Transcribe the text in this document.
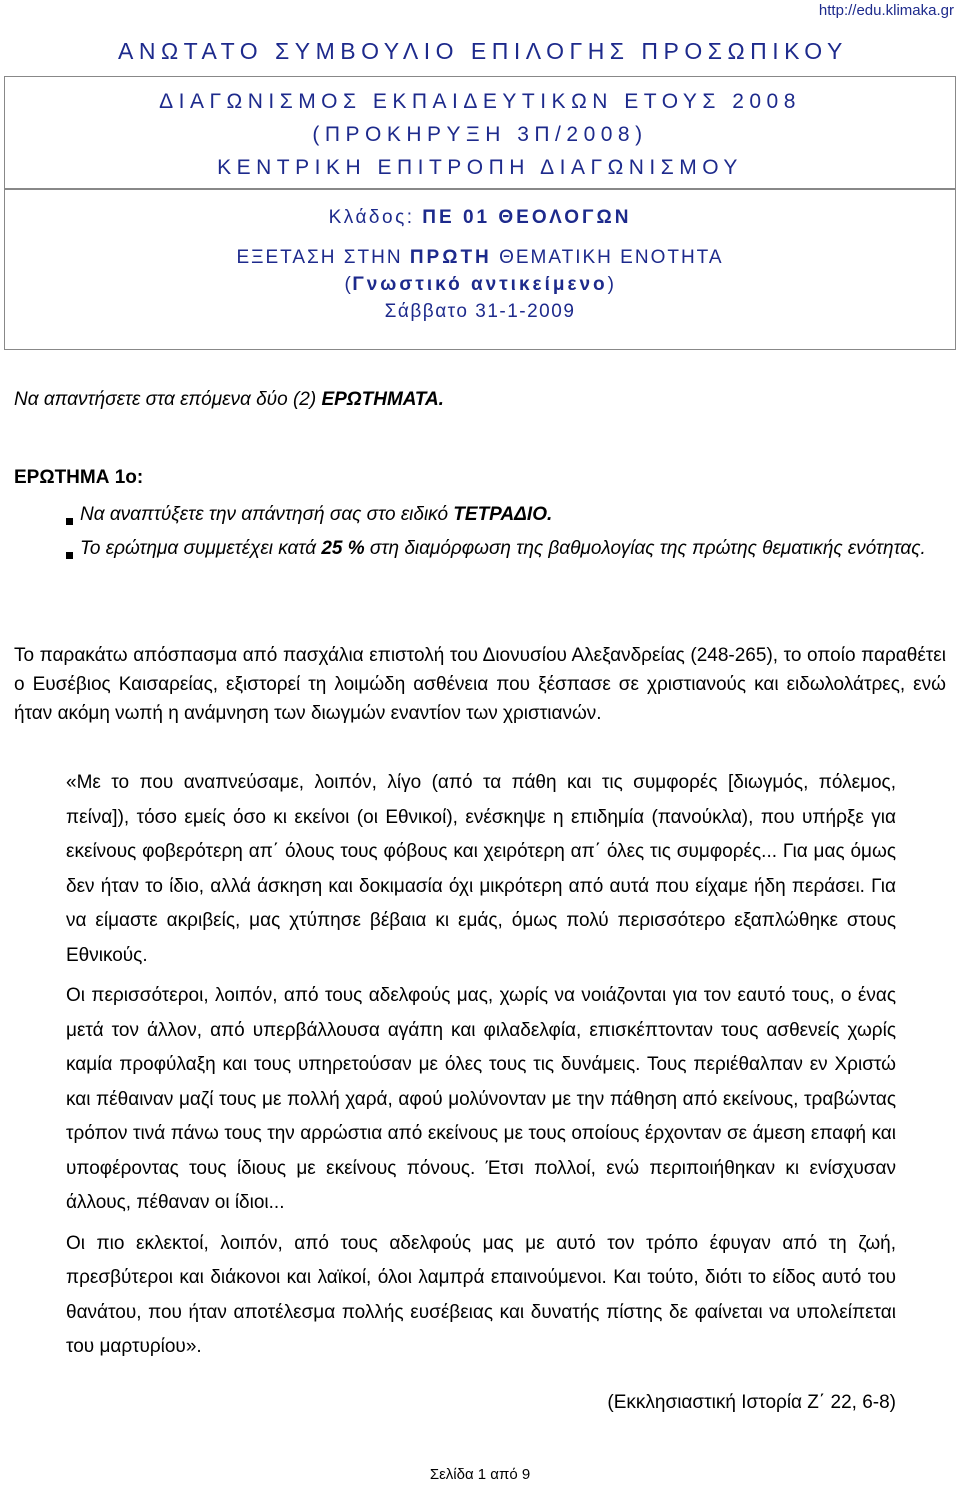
http://edu.klimaka.gr
ΑΝΩΤΑΤΟ ΣΥΜΒΟΥΛΙΟ ΕΠΙΛΟΓΗΣ ΠΡΟΣΩΠΙΚΟΥ
ΔΙΑΓΩΝΙΣΜΟΣ ΕΚΠΑΙΔΕΥΤΙΚΩΝ ΕΤΟΥΣ 2008
(ΠΡΟΚΗΡΥΞΗ 3Π/2008)
ΚΕΝΤΡΙΚΗ ΕΠΙΤΡΟΠΗ ΔΙΑΓΩΝΙΣΜΟΥ
Κλάδος: ΠΕ 01 ΘΕΟΛΟΓΩΝ
ΕΞΕΤΑΣΗ ΣΤΗΝ ΠΡΩΤΗ ΘΕΜΑΤΙΚΗ ΕΝΟΤΗΤΑ
(Γνωστικό αντικείμενο)
Σάββατο 31-1-2009
Να απαντήσετε στα επόμενα δύο (2) ΕΡΩΤΗΜΑΤΑ.
ΕΡΩΤΗΜΑ 1ο:
Να αναπτύξετε την απάντησή σας στο ειδικό ΤΕΤΡΑΔΙΟ.
Το ερώτημα συμμετέχει κατά 25 % στη διαμόρφωση της βαθμολογίας της πρώτης θεματικής ενότητας.
Το παρακάτω απόσπασμα από πασχάλια επιστολή του Διονυσίου Αλεξανδρείας (248-265), το οποίο παραθέτει ο Ευσέβιος Καισαρείας, εξιστορεί τη λοιμώδη ασθένεια που ξέσπασε σε χριστιανούς και ειδωλολάτρες, ενώ ήταν ακόμη νωπή η ανάμνηση των διωγμών εναντίον των χριστιανών.

«Με το που αναπνεύσαμε, λοιπόν, λίγο (από τα πάθη και τις συμφορές [διωγμός, πόλεμος, πείνα]), τόσο εμείς όσο κι εκείνοι (οι Εθνικοί), ενέσκηψε η επιδημία (πανούκλα), που υπήρξε για εκείνους φοβερότερη απ΄ όλους τους φόβους και χειρότερη απ΄ όλες τις συμφορές... Για μας όμως δεν ήταν το ίδιο, αλλά άσκηση και δοκιμασία όχι μικρότερη από αυτά που είχαμε ήδη περάσει. Για να είμαστε ακριβείς, μας χτύπησε βέβαια κι εμάς, όμως πολύ περισσότερο εξαπλώθηκε στους Εθνικούς.

Οι περισσότεροι, λοιπόν, από τους αδελφούς μας, χωρίς να νοιάζονται για τον εαυτό τους, ο ένας μετά τον άλλον, από υπερβάλλουσα αγάπη και φιλαδελφία, επισκέπτονταν τους ασθενείς χωρίς καμία προφύλαξη και τους υπηρετούσαν με όλες τους τις δυνάμεις. Τους περιέθαλπαν εν Χριστώ και πέθαιναν μαζί τους με πολλή χαρά, αφού μολύνονταν με την πάθηση από εκείνους, τραβώντας τρόπον τινά πάνω τους την αρρώστια από εκείνους με τους οποίους έρχονταν σε άμεση επαφή και υποφέροντας τους ίδιους με εκείνους πόνους. Έτσι πολλοί, ενώ περιποιήθηκαν κι ενίσχυσαν άλλους, πέθαναν οι ίδιοι...

Οι πιο εκλεκτοί, λοιπόν, από τους αδελφούς μας με αυτό τον τρόπο έφυγαν από τη ζωή, πρεσβύτεροι και διάκονοι και λαϊκοί, όλοι λαμπρά επαινούμενοι. Και τούτο, διότι το είδος αυτό του θανάτου, που ήταν αποτέλεσμα πολλής ευσέβειας και δυνατής πίστης δε φαίνεται να υπολείπεται του μαρτυρίου».

(Εκκλησιαστική Ιστορία Ζ΄ 22, 6-8)
Σελίδα 1 από 9
